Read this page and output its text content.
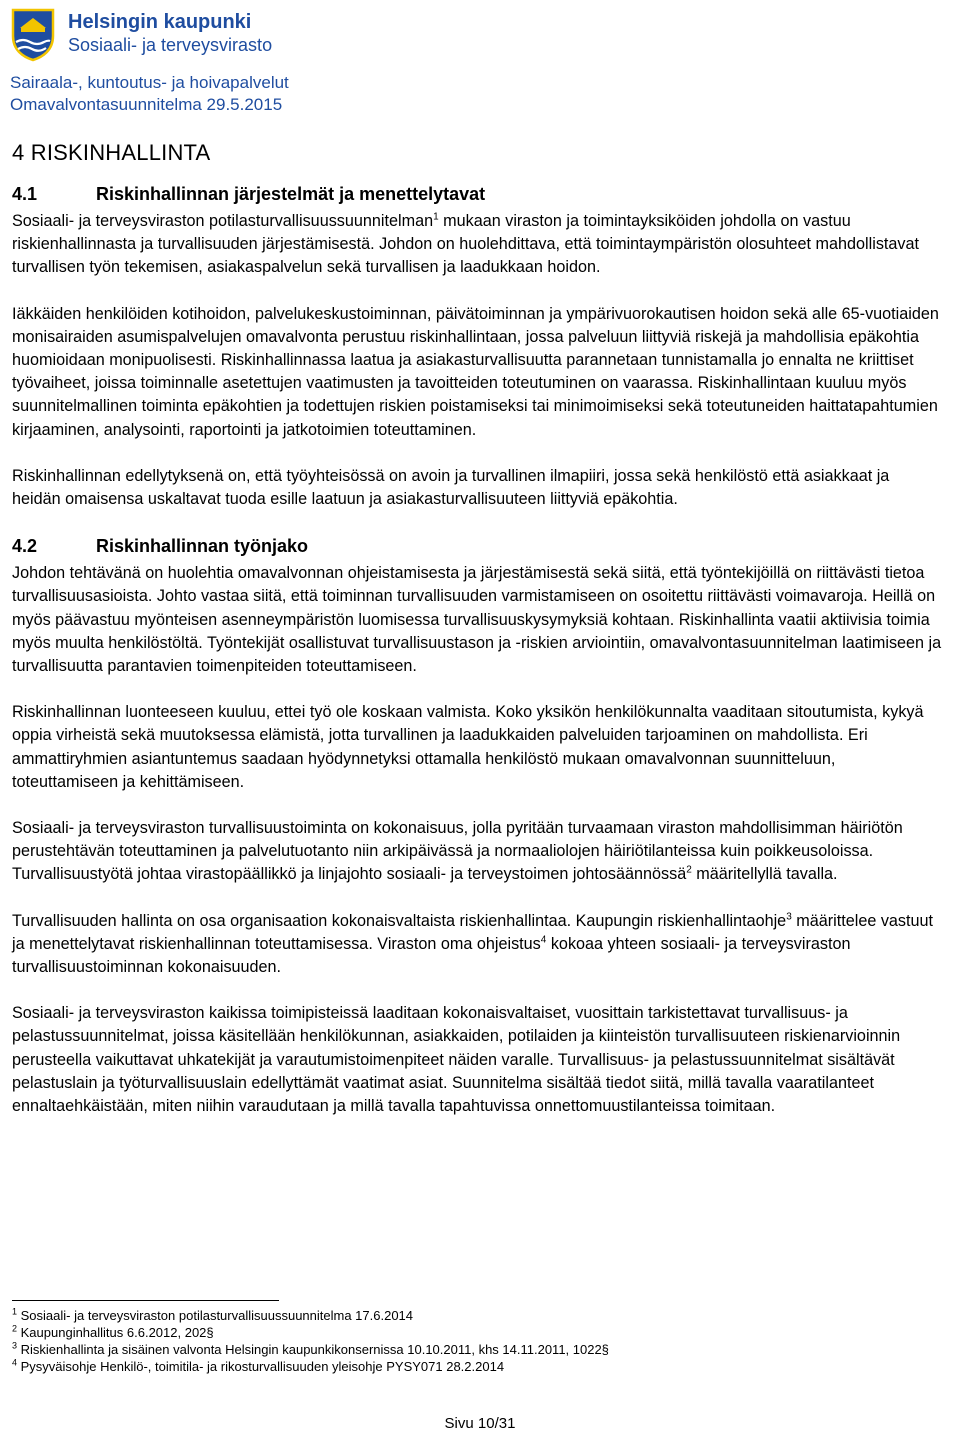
Helsingin kaupunki
Sosiaali- ja terveysvirasto
Sairaala-, kuntoutus- ja hoivapalvelut
Omavalvontasuunnitelma 29.5.2015
4 RISKINHALLINTA
4.1	Riskinhallinnan järjestelmät ja menettelytavat

Sosiaali- ja terveysviraston potilasturvallisuussuunnitelman$^1$ mukaan viraston ja toimintayksiköiden johdolla on vastuu riskienhallinnasta ja turvallisuuden järjestämisestä. Johdon on huolehdittava, että toimintaympäristön olosuhteet mahdollistavat turvallisen työn tekemisen, asiakaspalvelun sekä turvallisen ja laadukkaan hoidon.

Iäkkäiden henkilöiden kotihoidon, palvelukeskustoiminnan, päivätoiminnan ja ympärivuorokautisen hoidon sekä alle 65-vuotiaiden monisairaiden asumispalvelujen omavalvonta perustuu riskinhallintaan, jossa palveluun liittyviä riskejä ja mahdollisia epäkohtia huomioidaan monipuolisesti. Riskinhallinnassa laatua ja asiakasturvallisuutta parannetaan tunnistamalla jo ennalta ne kriittiset työvaiheet, joissa toiminnalle asetettujen vaatimusten ja tavoitteiden toteutuminen on vaarassa. Riskinhallintaan kuuluu myös suunnitelmallinen toiminta epäkohtien ja todettujen riskien poistamiseksi tai minimoimiseksi sekä toteutuneiden haittatapahtumien kirjaaminen, analysointi, raportointi ja jatkotoimien toteuttaminen.

Riskinhallinnan edellytyksenä on, että työyhteisössä on avoin ja turvallinen ilmapiiri, jossa sekä henkilöstö että asiakkaat ja heidän omaisensa uskaltavat tuoda esille laatuun ja asiakasturvallisuuteen liittyviä epäkohtia.

4.2	Riskinhallinnan työnjako

Johdon tehtävänä on huolehtia omavalvonnan ohjeistamisesta ja järjestämisestä sekä siitä, että työntekijöillä on riittävästi tietoa turvallisuusasioista. Johto vastaa siitä, että toiminnan turvallisuuden varmistamiseen on osoitettu riittävästi voimavaroja. Heillä on myös päävastuu myönteisen asenneympäristön luomisessa turvallisuuskysymyksiä kohtaan. Riskinhallinta vaatii aktiivisia toimia myös muulta henkilöstöltä. Työntekijät osallistuvat turvallisuustason ja -riskien arviointiin, omavalvontasuunnitelman laatimiseen ja turvallisuutta parantavien toimenpiteiden toteuttamiseen.

Riskinhallinnan luonteeseen kuuluu, ettei työ ole koskaan valmista. Koko yksikön henkilökunnalta vaaditaan sitoutumista, kykyä oppia virheistä sekä muutoksessa elämistä, jotta turvallinen ja laadukkaiden palveluiden tarjoaminen on mahdollista. Eri ammattiryhmien asiantuntemus saadaan hyödynnetyksi ottamalla henkilöstö mukaan omavalvonnan suunnitteluun, toteuttamiseen ja kehittämiseen.

Sosiaali- ja terveysviraston turvallisuustoiminta on kokonaisuus, jolla pyritään turvaamaan viraston mahdollisimman häiriötön perustehtävän toteuttaminen ja palvelutuotanto niin arkipäivässä ja normaaliolojen häiriötilanteissa kuin poikkeusoloissa. Turvallisuustyötä johtaa virastopäällikkö ja linjajohto sosiaali- ja terveystoimen johtosäännössä$^2$ määritellyllä tavalla.

Turvallisuuden hallinta on osa organisaation kokonaisvaltaista riskienhallintaa. Kaupungin riskienhallintaohje$^3$ määrittelee vastuut ja menettelytavat riskienhallinnan toteuttamisessa. Viraston oma ohjeistus$^4$ kokoaa yhteen sosiaali- ja terveysviraston turvallisuustoiminnan kokonaisuuden.

Sosiaali- ja terveysviraston kaikissa toimipisteissä laaditaan kokonaisvaltaiset, vuosittain tarkistettavat turvallisuus- ja pelastussuunnitelmat, joissa käsitellään henkilökunnan, asiakkaiden, potilaiden ja kiinteistön turvallisuuteen riskienarvioinnin perusteella vaikuttavat uhkatekijät ja varautumistoimenpiteet näiden varalle. Turvallisuus- ja pelastussuunnitelmat sisältävät pelastuslain ja työturvallisuuslain edellyttämät vaatimat asiat. Suunnitelma sisältää tiedot siitä, millä tavalla vaaratilanteet ennaltaehkäistään, miten niihin varaudutaan ja millä tavalla tapahtuvissa onnettomuustilanteissa toimitaan.

$^1$ Sosiaali- ja terveysviraston potilasturvallisuussuunnitelma 17.6.2014
$^2$ Kaupunginhallitus 6.6.2012, 202§
$^3$ Riskienhallinta ja sisäinen valvonta Helsingin kaupunkikonsernissa 10.10.2011, khs 14.11.2011, 1022§
$^4$ Pysyväisohje Henkilö-, toimitila- ja rikosturvallisuuden yleisohje PYSY071 28.2.2014
Sivu 10/31
